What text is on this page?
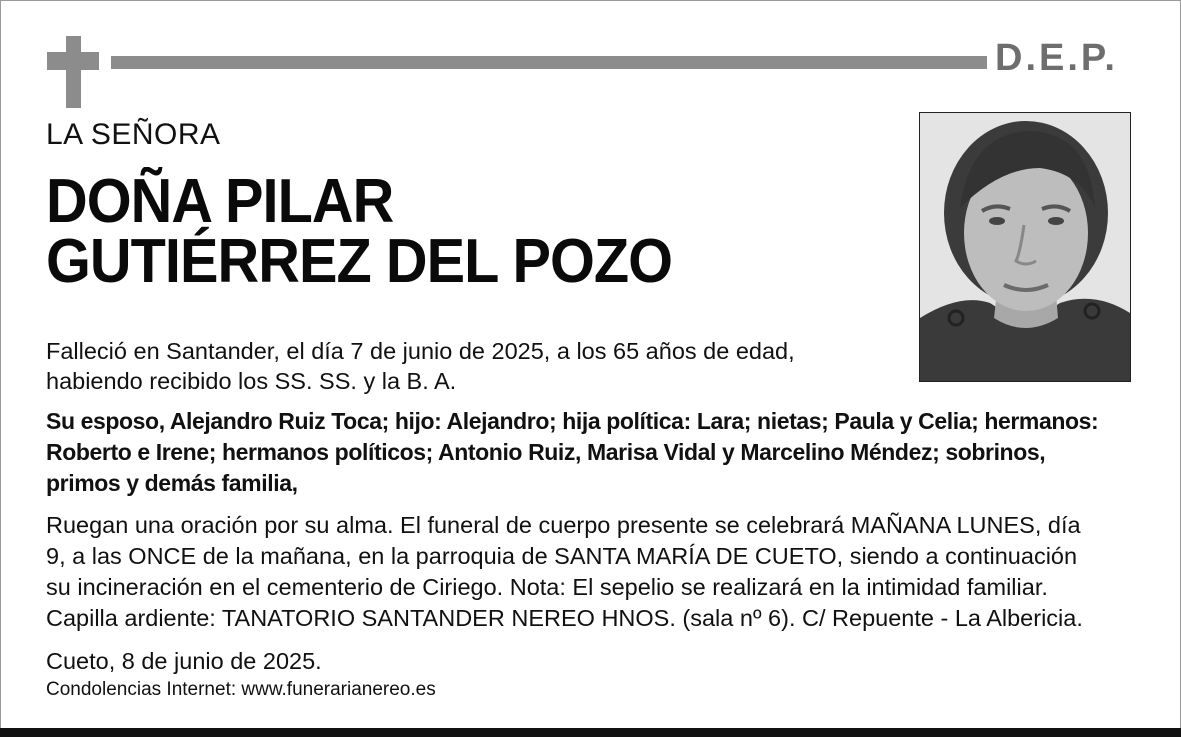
D.E.P.
LA SEÑORA
DOÑA PILAR
GUTIÉRREZ DEL POZO
Falleció en Santander, el día 7 de junio de 2025, a los 65 años de edad,
habiendo recibido los SS. SS. y la B. A.
Su esposo, Alejandro Ruiz Toca; hijo: Alejandro; hija política: Lara; nietas; Paula y Celia; hermanos:
Roberto e Irene; hermanos políticos; Antonio Ruiz, Marisa Vidal y Marcelino Méndez; sobrinos,
primos y demás familia,
Ruegan una oración por su alma. El funeral de cuerpo presente se celebrará MAÑANA LUNES, día
9, a las ONCE de la mañana, en la parroquia de SANTA MARÍA DE CUETO, siendo a continuación
su incineración en el cementerio de Ciriego. Nota: El sepelio se realizará en la intimidad familiar.
Capilla ardiente: TANATORIO SANTANDER NEREO HNOS. (sala nº 6). C/ Repuente - La Albericia.
Cueto, 8 de junio de 2025.
Condolencias Internet: www.funerarianereo.es
